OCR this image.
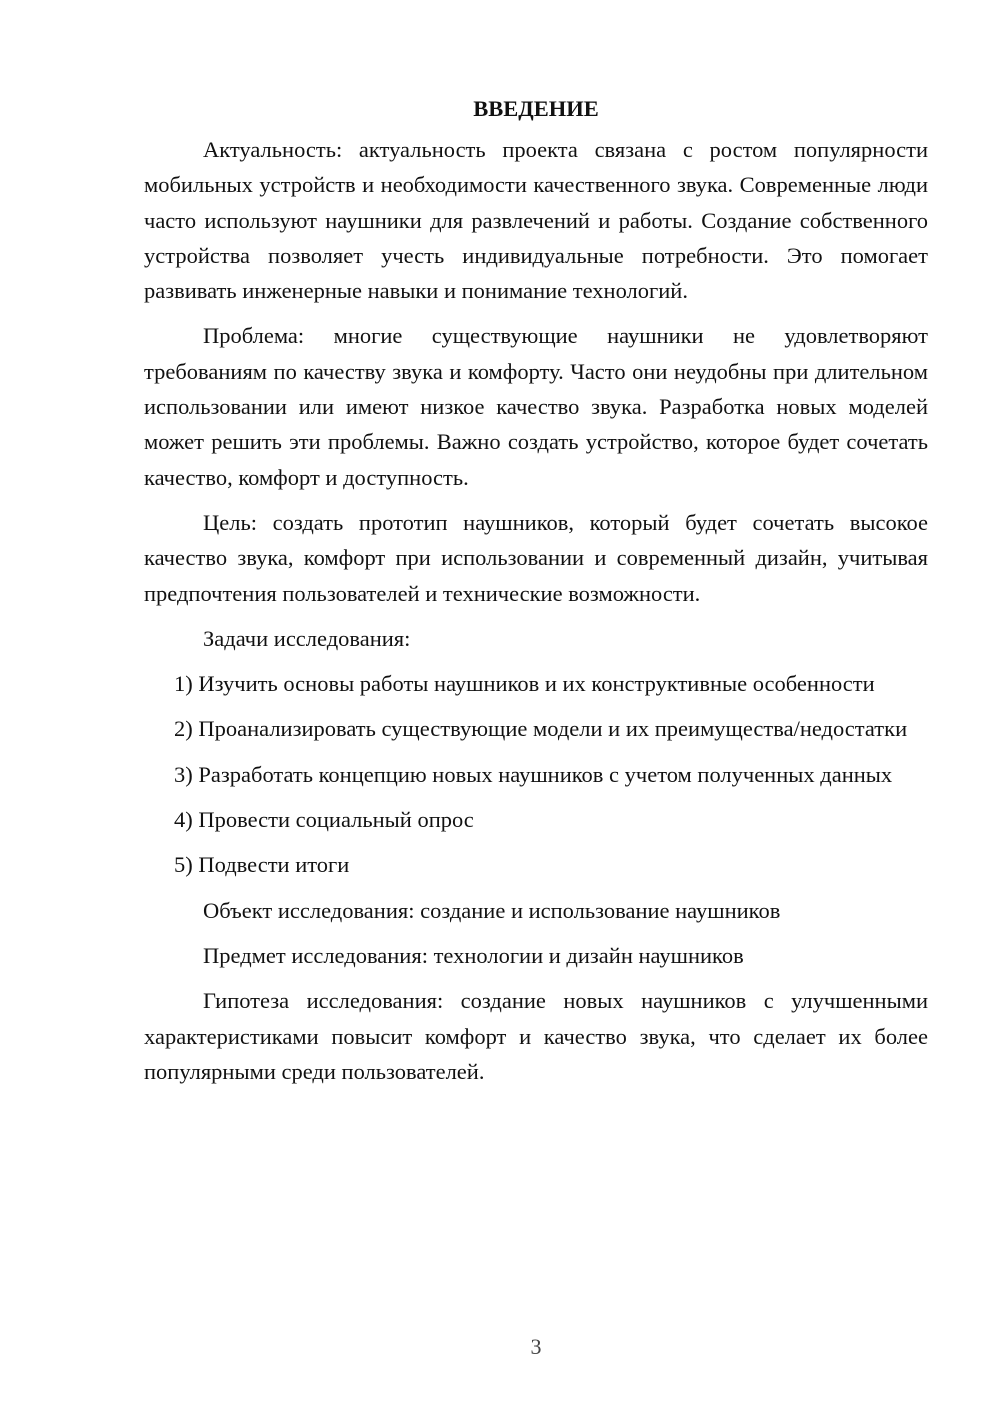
ВВЕДЕНИЕ

Актуальность: актуальность проекта связана с ростом популярности мобильных устройств и необходимости качественного звука. Современные люди часто используют наушники для развлечений и работы. Создание собственного устройства позволяет учесть индивидуальные потребности. Это помогает развивать инженерные навыки и понимание технологий.

Проблема: многие существующие наушники не удовлетворяют требованиям по качеству звука и комфорту. Часто они неудобны при длительном использовании или имеют низкое качество звука. Разработка новых моделей может решить эти проблемы. Важно создать устройство, которое будет сочетать качество, комфорт и доступность.

Цель: создать прототип наушников, который будет сочетать высокое качество звука, комфорт при использовании и современный дизайн, учитывая предпочтения пользователей и технические возможности.

Задачи исследования:

1) Изучить основы работы наушников и их конструктивные особенности

2) Проанализировать существующие модели и их преимущества/недостатки

3) Разработать концепцию новых наушников с учетом полученных данных

4) Провести социальный опрос

5) Подвести итоги

Объект исследования: создание и использование наушников

Предмет исследования: технологии и дизайн наушников

Гипотеза исследования: создание новых наушников с улучшенными характеристиками повысит комфорт и качество звука, что сделает их более популярными среди пользователей.

3
